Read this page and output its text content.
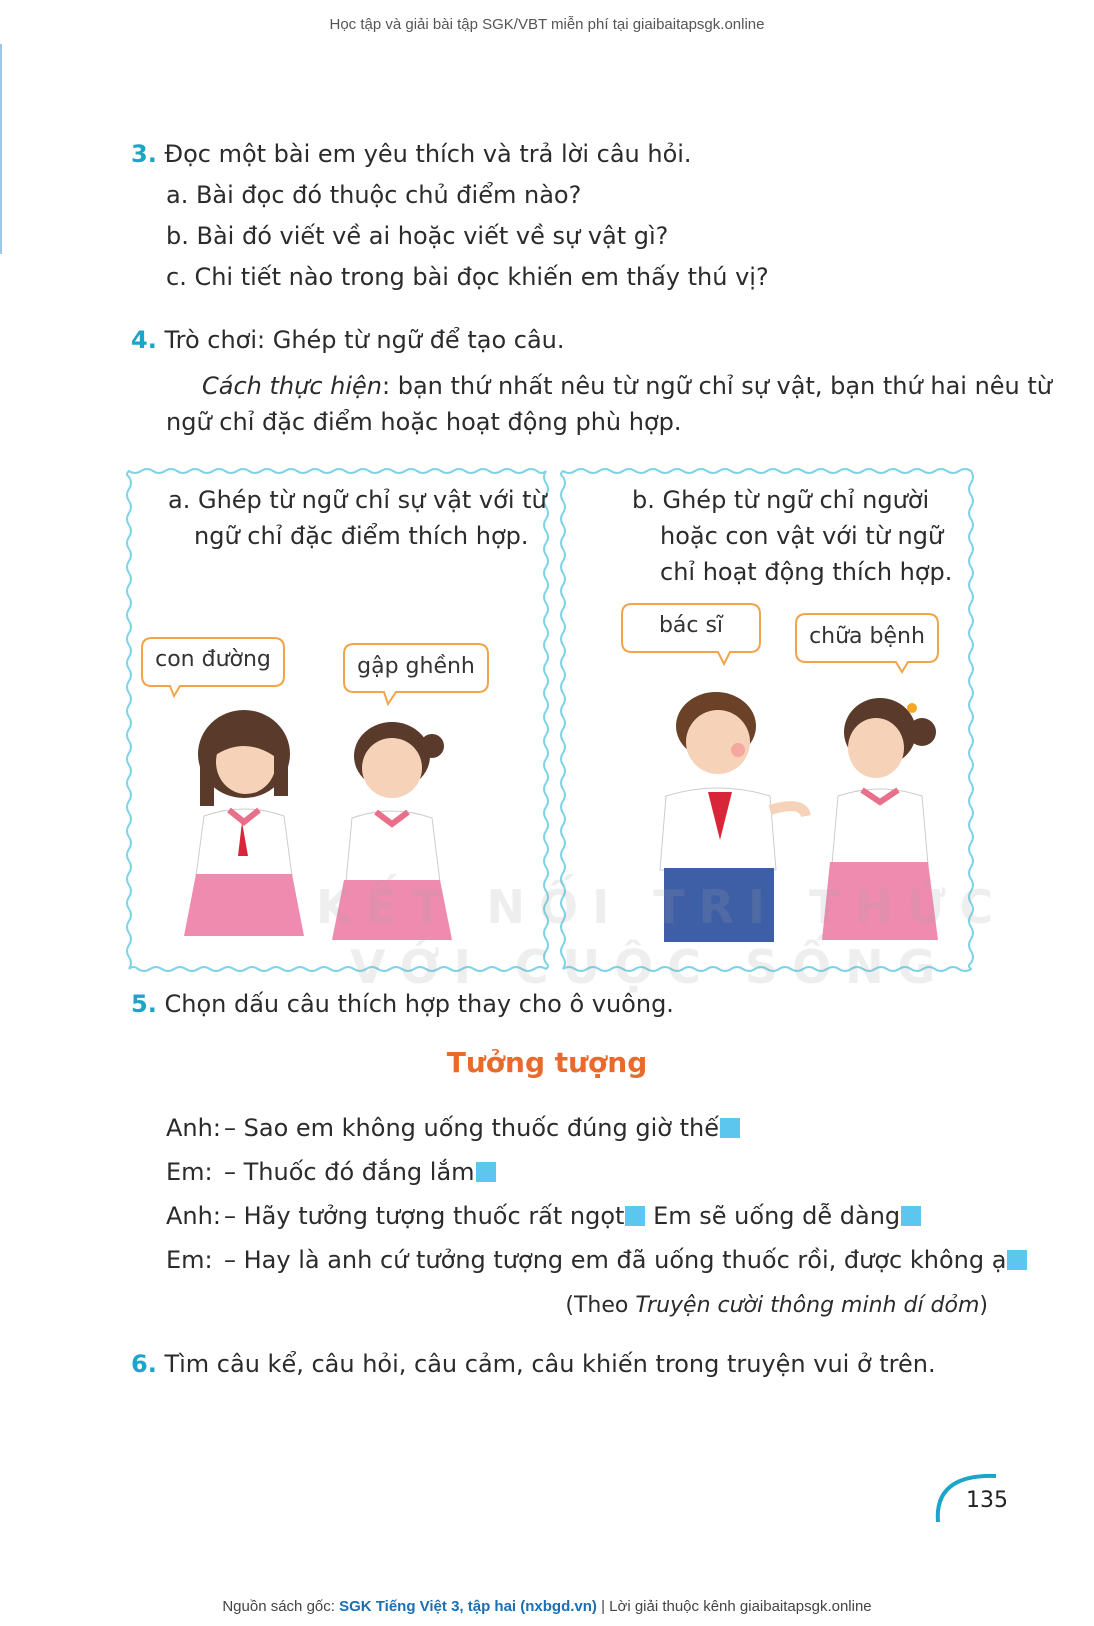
Học tập và giải bài tập SGK/VBT miễn phí tại giaibaitapsgk.online
3. Đọc một bài em yêu thích và trả lời câu hỏi.
a. Bài đọc đó thuộc chủ điểm nào?
b. Bài đó viết về ai hoặc viết về sự vật gì?
c. Chi tiết nào trong bài đọc khiến em thấy thú vị?
4. Trò chơi: Ghép từ ngữ để tạo câu.
Cách thực hiện: bạn thứ nhất nêu từ ngữ chỉ sự vật, bạn thứ hai nêu từ
ngữ chỉ đặc điểm hoặc hoạt động phù hợp.
a. Ghép từ ngữ chỉ sự vật với từ
ngữ chỉ đặc điểm thích hợp.
con đường	gập ghềnh
b. Ghép từ ngữ chỉ người
hoặc con vật với từ ngữ
chỉ hoạt động thích hợp.
bác sĩ	chữa bệnh
KẾT NỐI TRI THỨC
VỚI CUỘC SỐNG
5. Chọn dấu câu thích hợp thay cho ô vuông.
Tưởng tượng
Anh: – Sao em không uống thuốc đúng giờ thế
Em: – Thuốc đó đắng lắm
Anh: – Hãy tưởng tượng thuốc rất ngọt Em sẽ uống dễ dàng
Em: – Hay là anh cứ tưởng tượng em đã uống thuốc rồi, được không ạ
(Theo Truyện cười thông minh dí dỏm)
6. Tìm câu kể, câu hỏi, câu cảm, câu khiến trong truyện vui ở trên.
135
Nguồn sách gốc: SGK Tiếng Việt 3, tập hai (nxbgd.vn) | Lời giải thuộc kênh giaibaitapsgk.online
